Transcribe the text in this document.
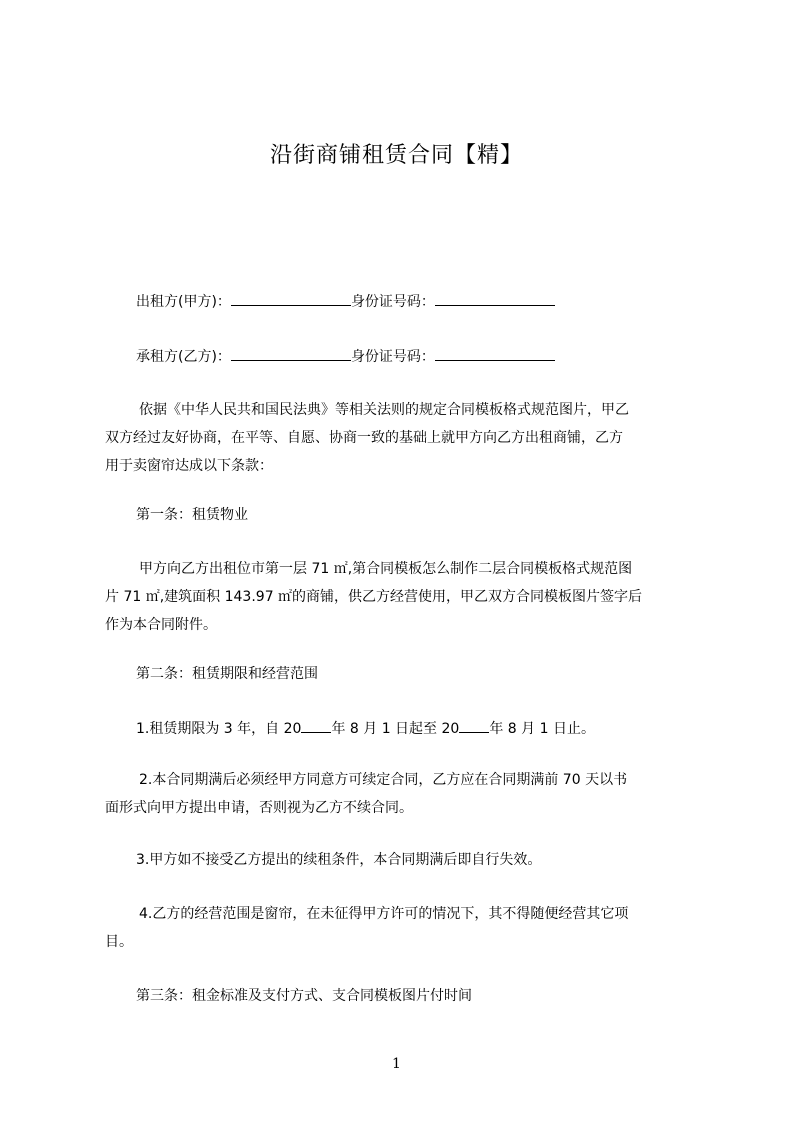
沿街商铺租赁合同【精】
出租方(甲方)：	身份证号码：
承租方(乙方)：	身份证号码：
依据《中华人民共和国民法典》等相关法则的规定合同模板格式规范图片，甲乙
双方经过友好协商，在平等、自愿、协商一致的基础上就甲方向乙方出租商铺，乙方
用于卖窗帘达成以下条款：
第一条：租赁物业
甲方向乙方出租位市第一层 71 ㎡,第合同模板怎么制作二层合同模板格式规范图
片 71 ㎡,建筑面积 143.97 ㎡的商铺，供乙方经营使用，甲乙双方合同模板图片签字后
作为本合同附件。
第二条：租赁期限和经营范围
1.租赁期限为 3 年，自 20 年 8 月 1 日起至 20 年 8 月 1 日止。
2.本合同期满后必须经甲方同意方可续定合同，乙方应在合同期满前 70 天以书
面形式向甲方提出申请，否则视为乙方不续合同。
3.甲方如不接受乙方提出的续租条件，本合同期满后即自行失效。
4.乙方的经营范围是窗帘，在未征得甲方许可的情况下，其不得随便经营其它项
目。
第三条：租金标准及支付方式、支合同模板图片付时间
1
